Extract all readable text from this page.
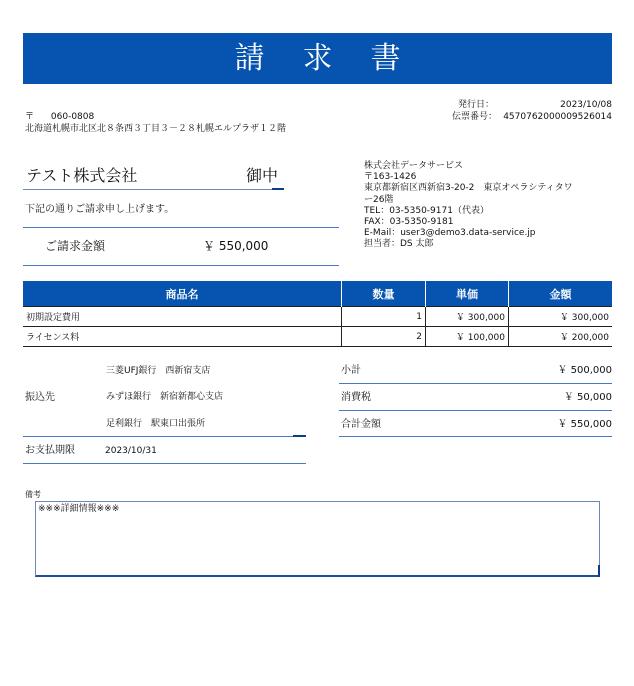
請求書
〒 060-0808
北海道札幌市北区北８条西３丁目３－２８札幌エルプラザ１２階
発行日：	2023/10/08
伝票番号： 4570762000009526014
テスト株式会社	御中
下記の通りご請求申し上げます。
ご請求金額	￥ 550,000
株式会社データサービス
〒163-1426
東京都新宿区西新宿3-20-2　東京オペラシティタワ
ー26階
TEL：03-5350-9171（代表）
FAX：03-5350-9181
E-Mail：user3@demo3.data-service.jp
担当者：DS 太郎
商品名	数量	単価	金額
初期設定費用	1	￥ 300,000	￥ 300,000
ライセンス料	2	￥ 100,000	￥ 200,000
振込先
三菱UFJ銀行　西新宿支店
みずほ銀行　新宿新都心支店
足利銀行　駅東口出張所
お支払期限	2023/10/31
小計	￥ 500,000
消費税	￥ 50,000
合計金額	￥ 550,000
備考
※※※詳細情報※※※
